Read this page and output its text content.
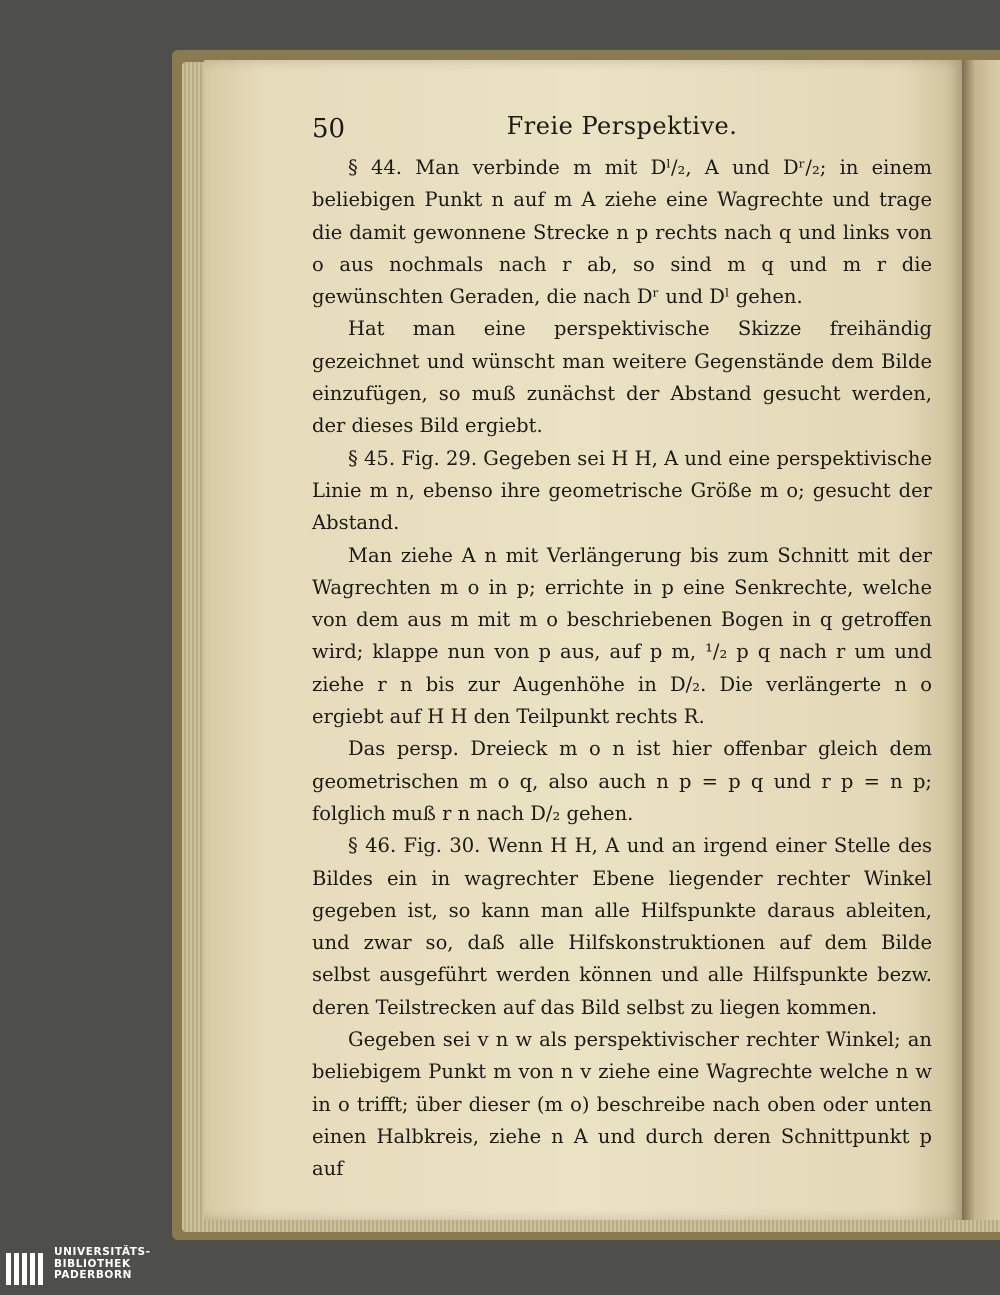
50	Freie Perspektive.

§ 44. Man verbinde m mit Dˡ/₂, A und Dʳ/₂; in einem beliebigen Punkt n auf m A ziehe eine Wagrechte und trage die damit gewonnene Strecke n p rechts nach q und links von o aus nochmals nach r ab, so sind m q und m r die gewünschten Geraden, die nach Dʳ und Dˡ gehen.

Hat man eine perspektivische Skizze freihändig gezeichnet und wünscht man weitere Gegenstände dem Bilde einzufügen, so muß zunächst der Abstand gesucht werden, der dieses Bild ergiebt.

§ 45. Fig. 29. Gegeben sei H H, A und eine perspektivische Linie m n, ebenso ihre geometrische Größe m o; gesucht der Abstand.

Man ziehe A n mit Verlängerung bis zum Schnitt mit der Wagrechten m o in p; errichte in p eine Senkrechte, welche von dem aus m mit m o beschriebenen Bogen in q getroffen wird; klappe nun von p aus, auf p m, ¹/₂ p q nach r um und ziehe r n bis zur Augenhöhe in D/₂. Die verlängerte n o ergiebt auf H H den Teilpunkt rechts R.

Das persp. Dreieck m o n ist hier offenbar gleich dem geometrischen m o q, also auch n p = p q und r p = n p; folglich muß r n nach D/₂ gehen.

§ 46. Fig. 30. Wenn H H, A und an irgend einer Stelle des Bildes ein in wagrechter Ebene liegender rechter Winkel gegeben ist, so kann man alle Hilfspunkte daraus ableiten, und zwar so, daß alle Hilfskonstruktionen auf dem Bilde selbst ausgeführt werden können und alle Hilfspunkte bezw. deren Teilstrecken auf das Bild selbst zu liegen kommen.

Gegeben sei v n w als perspektivischer rechter Winkel; an beliebigem Punkt m von n v ziehe eine Wagrechte welche n w in o trifft; über dieser (m o) beschreibe nach oben oder unten einen Halbkreis, ziehe n A und durch deren Schnittpunkt p auf

UNIVERSITÄTS-
BIBLIOTHEK
PADERBORN
